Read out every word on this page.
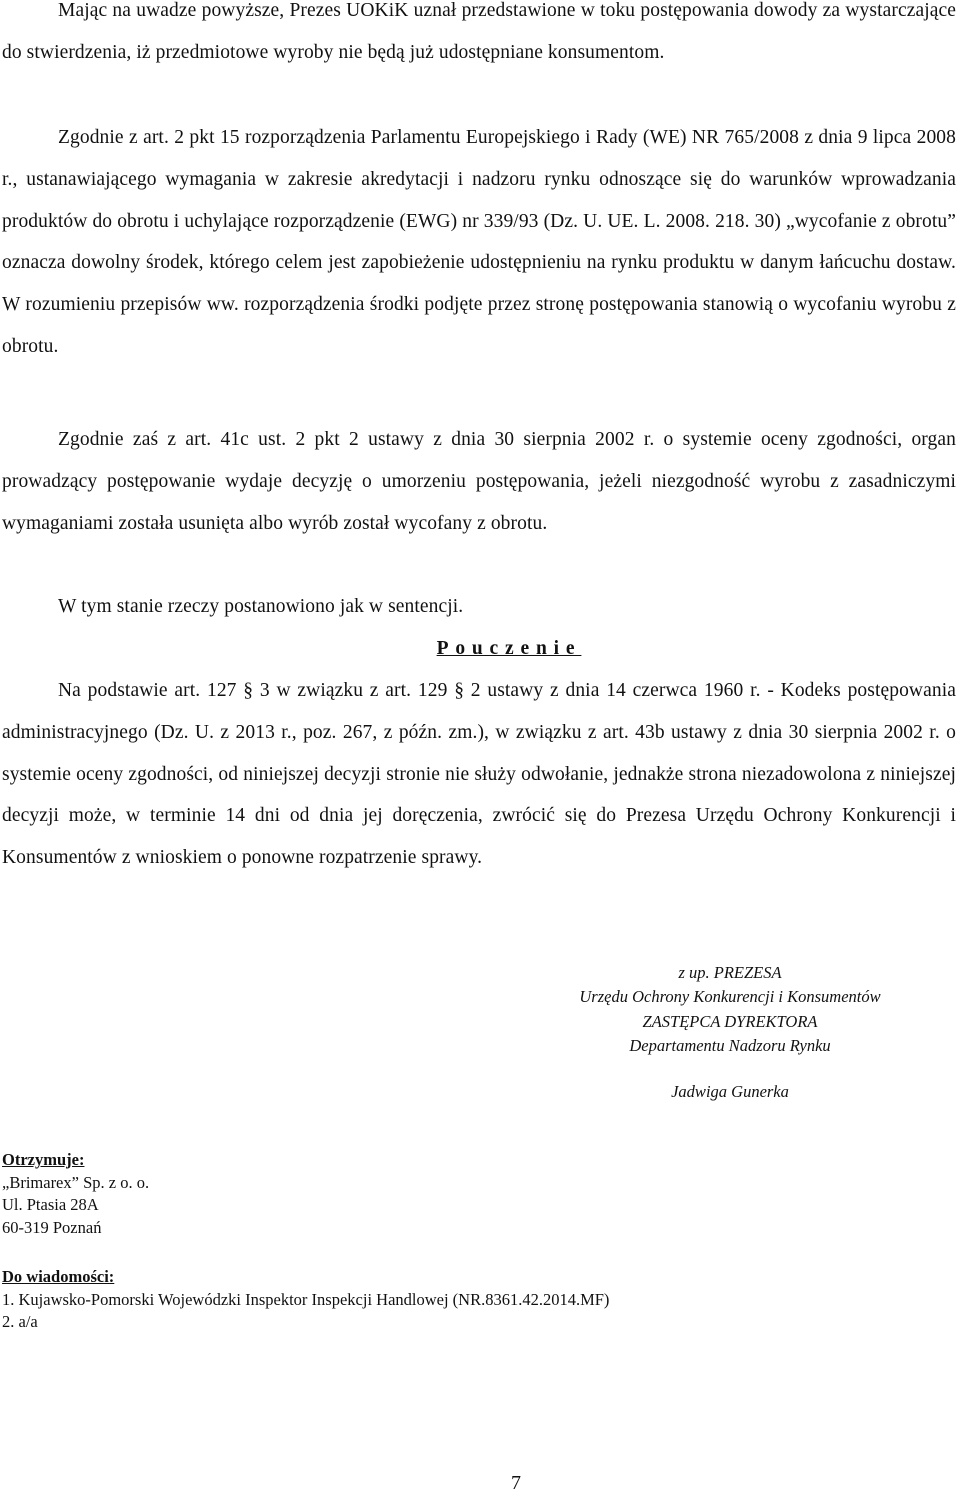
Mając na uwadze powyższe, Prezes UOKiK uznał przedstawione w toku postępowania dowody za wystarczające do stwierdzenia, iż przedmiotowe wyroby nie będą już udostępniane konsumentom.

Zgodnie z art. 2 pkt 15 rozporządzenia Parlamentu Europejskiego i Rady (WE) NR 765/2008 z dnia 9 lipca 2008 r., ustanawiającego wymagania w zakresie akredytacji i nadzoru rynku odnoszące się do warunków wprowadzania produktów do obrotu i uchylające rozporządzenie (EWG) nr 339/93 (Dz. U. UE. L. 2008. 218. 30) „wycofanie z obrotu” oznacza dowolny środek, którego celem jest zapobieżenie udostępnieniu na rynku produktu w danym łańcuchu dostaw. W rozumieniu przepisów ww. rozporządzenia środki podjęte przez stronę postępowania stanowią o wycofaniu wyrobu z obrotu.

Zgodnie zaś z art. 41c ust. 2 pkt 2 ustawy z dnia 30 sierpnia 2002 r. o systemie oceny zgodności, organ prowadzący postępowanie wydaje decyzję o umorzeniu postępowania, jeżeli niezgodność wyrobu z zasadniczymi wymaganiami została usunięta albo wyrób został wycofany z obrotu.

W tym stanie rzeczy postanowiono jak w sentencji.

Pouczenie

Na podstawie art. 127 § 3 w związku z art. 129 § 2 ustawy z dnia 14 czerwca 1960 r. - Kodeks postępowania administracyjnego (Dz. U. z 2013 r., poz. 267, z późn. zm.), w związku z art. 43b ustawy z dnia 30 sierpnia 2002 r. o systemie oceny zgodności, od niniejszej decyzji stronie nie służy odwołanie, jednakże strona niezadowolona z niniejszej decyzji może, w terminie 14 dni od dnia jej doręczenia, zwrócić się do Prezesa Urzędu Ochrony Konkurencji i Konsumentów z wnioskiem o ponowne rozpatrzenie sprawy.

z up. PREZESA
Urzędu Ochrony Konkurencji i Konsumentów
ZASTĘPCA DYREKTORA
Departamentu Nadzoru Rynku
Jadwiga Gunerka
Otrzymuje:
„Brimarex” Sp. z o. o.
Ul. Ptasia 28A
60-319 Poznań
Do wiadomości:
1. Kujawsko-Pomorski Wojewódzki Inspektor Inspekcji Handlowej (NR.8361.42.2014.MF)
2. a/a
7
